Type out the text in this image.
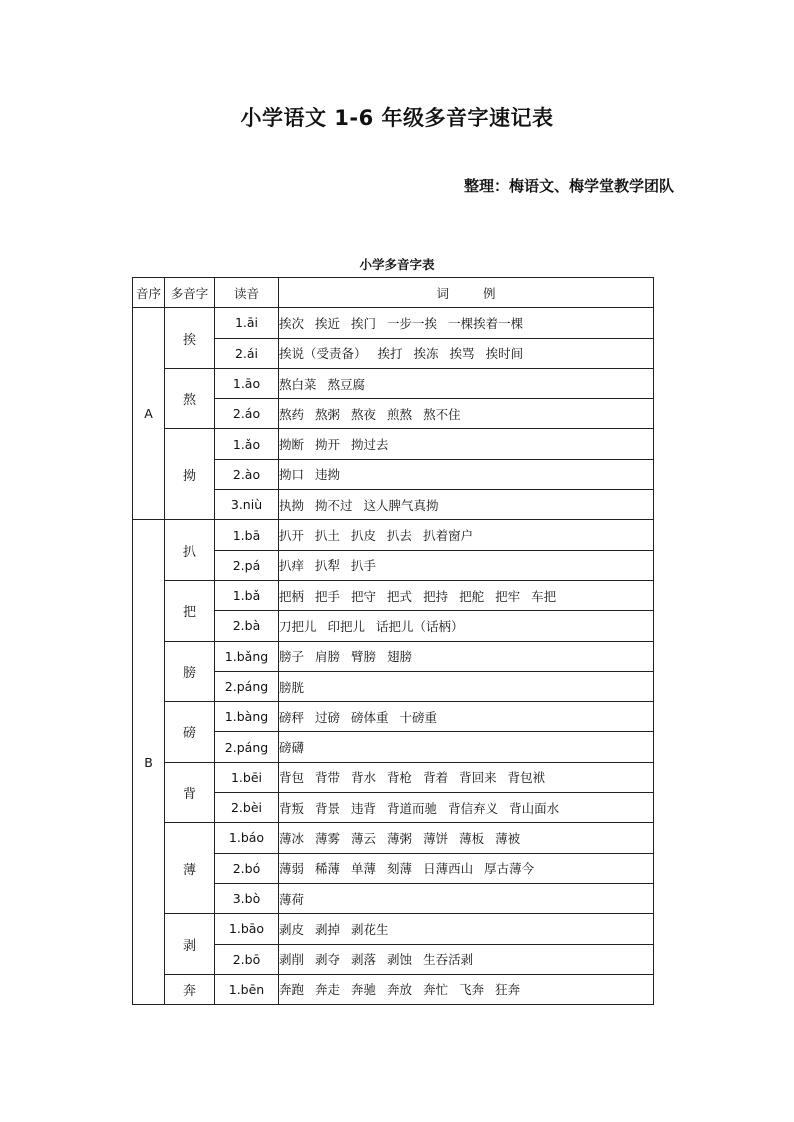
小学语文 1-6 年级多音字速记表
整理：梅语文、梅学堂教学团队
小学多音字表
音序	多音字	读音	词 例
A	挨	1.āi	挨次 挨近 挨门 一步一挨 一棵挨着一棵
		2.ái	挨说（受责备） 挨打 挨冻 挨骂 挨时间
	熬	1.āo	熬白菜 熬豆腐
		2.áo	熬药 熬粥 熬夜 煎熬 熬不住
	拗	1.ǎo	拗断 拗开 拗过去
		2.ào	拗口 违拗
		3.niù	执拗 拗不过 这人脾气真拗
B	扒	1.bā	扒开 扒土 扒皮 扒去 扒着窗户
		2.pá	扒痒 扒犁 扒手
	把	1.bǎ	把柄 把手 把守 把式 把持 把舵 把牢 车把
		2.bà	刀把儿 印把儿 话把儿（话柄）
	膀	1.bǎng	膀子 肩膀 臂膀 翅膀
		2.páng	膀胱
	磅	1.bàng	磅秤 过磅 磅体重 十磅重
		2.páng	磅礴
	背	1.bēi	背包 背带 背水 背枪 背着 背回来 背包袱
		2.bèi	背叛 背景 违背 背道而驰 背信弃义 背山面水
	薄	1.báo	薄冰 薄雾 薄云 薄粥 薄饼 薄板 薄被
		2.bó	薄弱 稀薄 单薄 刻薄 日薄西山 厚古薄今
		3.bò	薄荷
	剥	1.bāo	剥皮 剥掉 剥花生
		2.bō	剥削 剥夺 剥落 剥蚀 生吞活剥
	奔	1.bēn	奔跑 奔走 奔驰 奔放 奔忙 飞奔 狂奔
